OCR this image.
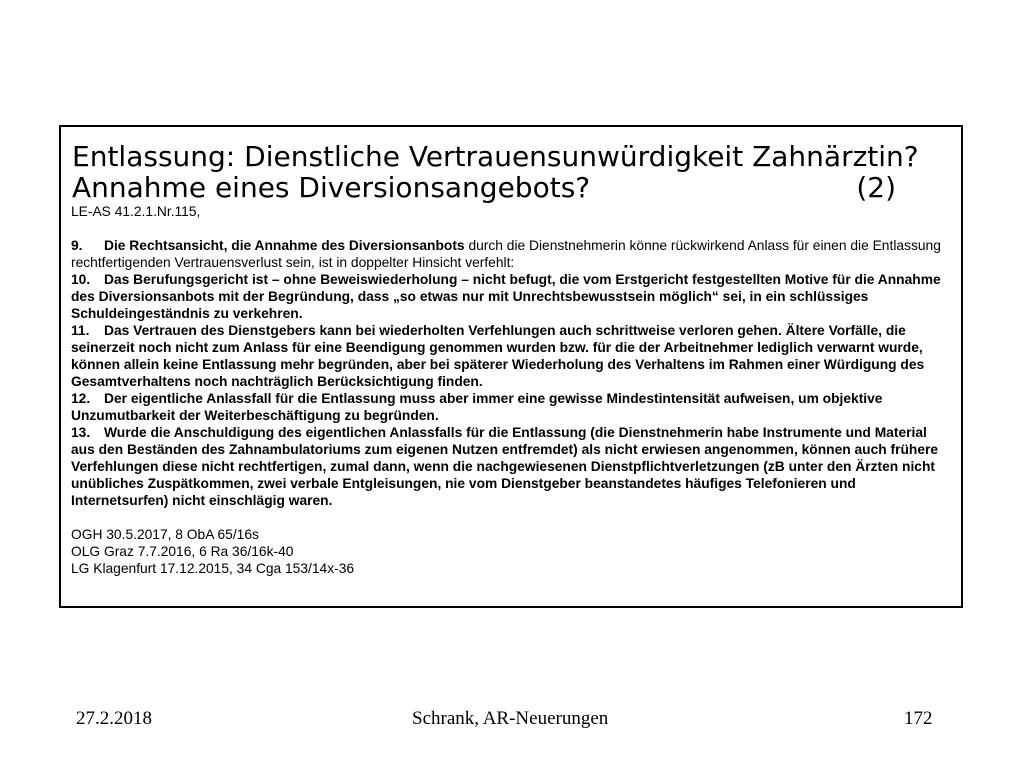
Entlassung: Dienstliche Vertrauensunwürdigkeit Zahnärztin?
Annahme eines Diversionsangebots?	(2)
LE-AS 41.2.1.Nr.115,

9. Die Rechtsansicht, die Annahme des Diversionsanbots durch die Dienstnehmerin könne rückwirkend Anlass für einen die Entlassung rechtfertigenden Vertrauensverlust sein, ist in doppelter Hinsicht verfehlt:

10. Das Berufungsgericht ist – ohne Beweiswiederholung – nicht befugt, die vom Erstgericht festgestellten Motive für die Annahme des Diversionsanbots mit der Begründung, dass „so etwas nur mit Unrechtsbewusstsein möglich“ sei, in ein schlüssiges Schuldeingeständnis zu verkehren.

11. Das Vertrauen des Dienstgebers kann bei wiederholten Verfehlungen auch schrittweise verloren gehen. Ältere Vorfälle, die seinerzeit noch nicht zum Anlass für eine Beendigung genommen wurden bzw. für die der Arbeitnehmer lediglich verwarnt wurde, können allein keine Entlassung mehr begründen, aber bei späterer Wiederholung des Verhaltens im Rahmen einer Würdigung des Gesamtverhaltens noch nachträglich Berücksichtigung finden.

12. Der eigentliche Anlassfall für die Entlassung muss aber immer eine gewisse Mindestintensität aufweisen, um objektive Unzumutbarkeit der Weiterbeschäftigung zu begründen.

13. Wurde die Anschuldigung des eigentlichen Anlassfalls für die Entlassung (die Dienstnehmerin habe Instrumente und Material aus den Beständen des Zahnambulatoriums zum eigenen Nutzen entfremdet) als nicht erwiesen angenommen, können auch frühere Verfehlungen diese nicht rechtfertigen, zumal dann, wenn die nachgewiesenen Dienstpflichtverletzungen (zB unter den Ärzten nicht unübliches Zuspätkommen, zwei verbale Entgleisungen, nie vom Dienstgeber beanstandetes häufiges Telefonieren und Internetsurfen) nicht einschlägig waren.

OGH 30.5.2017, 8 ObA 65/16s
OLG Graz 7.7.2016, 6 Ra 36/16k-40
LG Klagenfurt 17.12.2015, 34 Cga 153/14x-36
27.2.2018	Schrank, AR-Neuerungen	172
